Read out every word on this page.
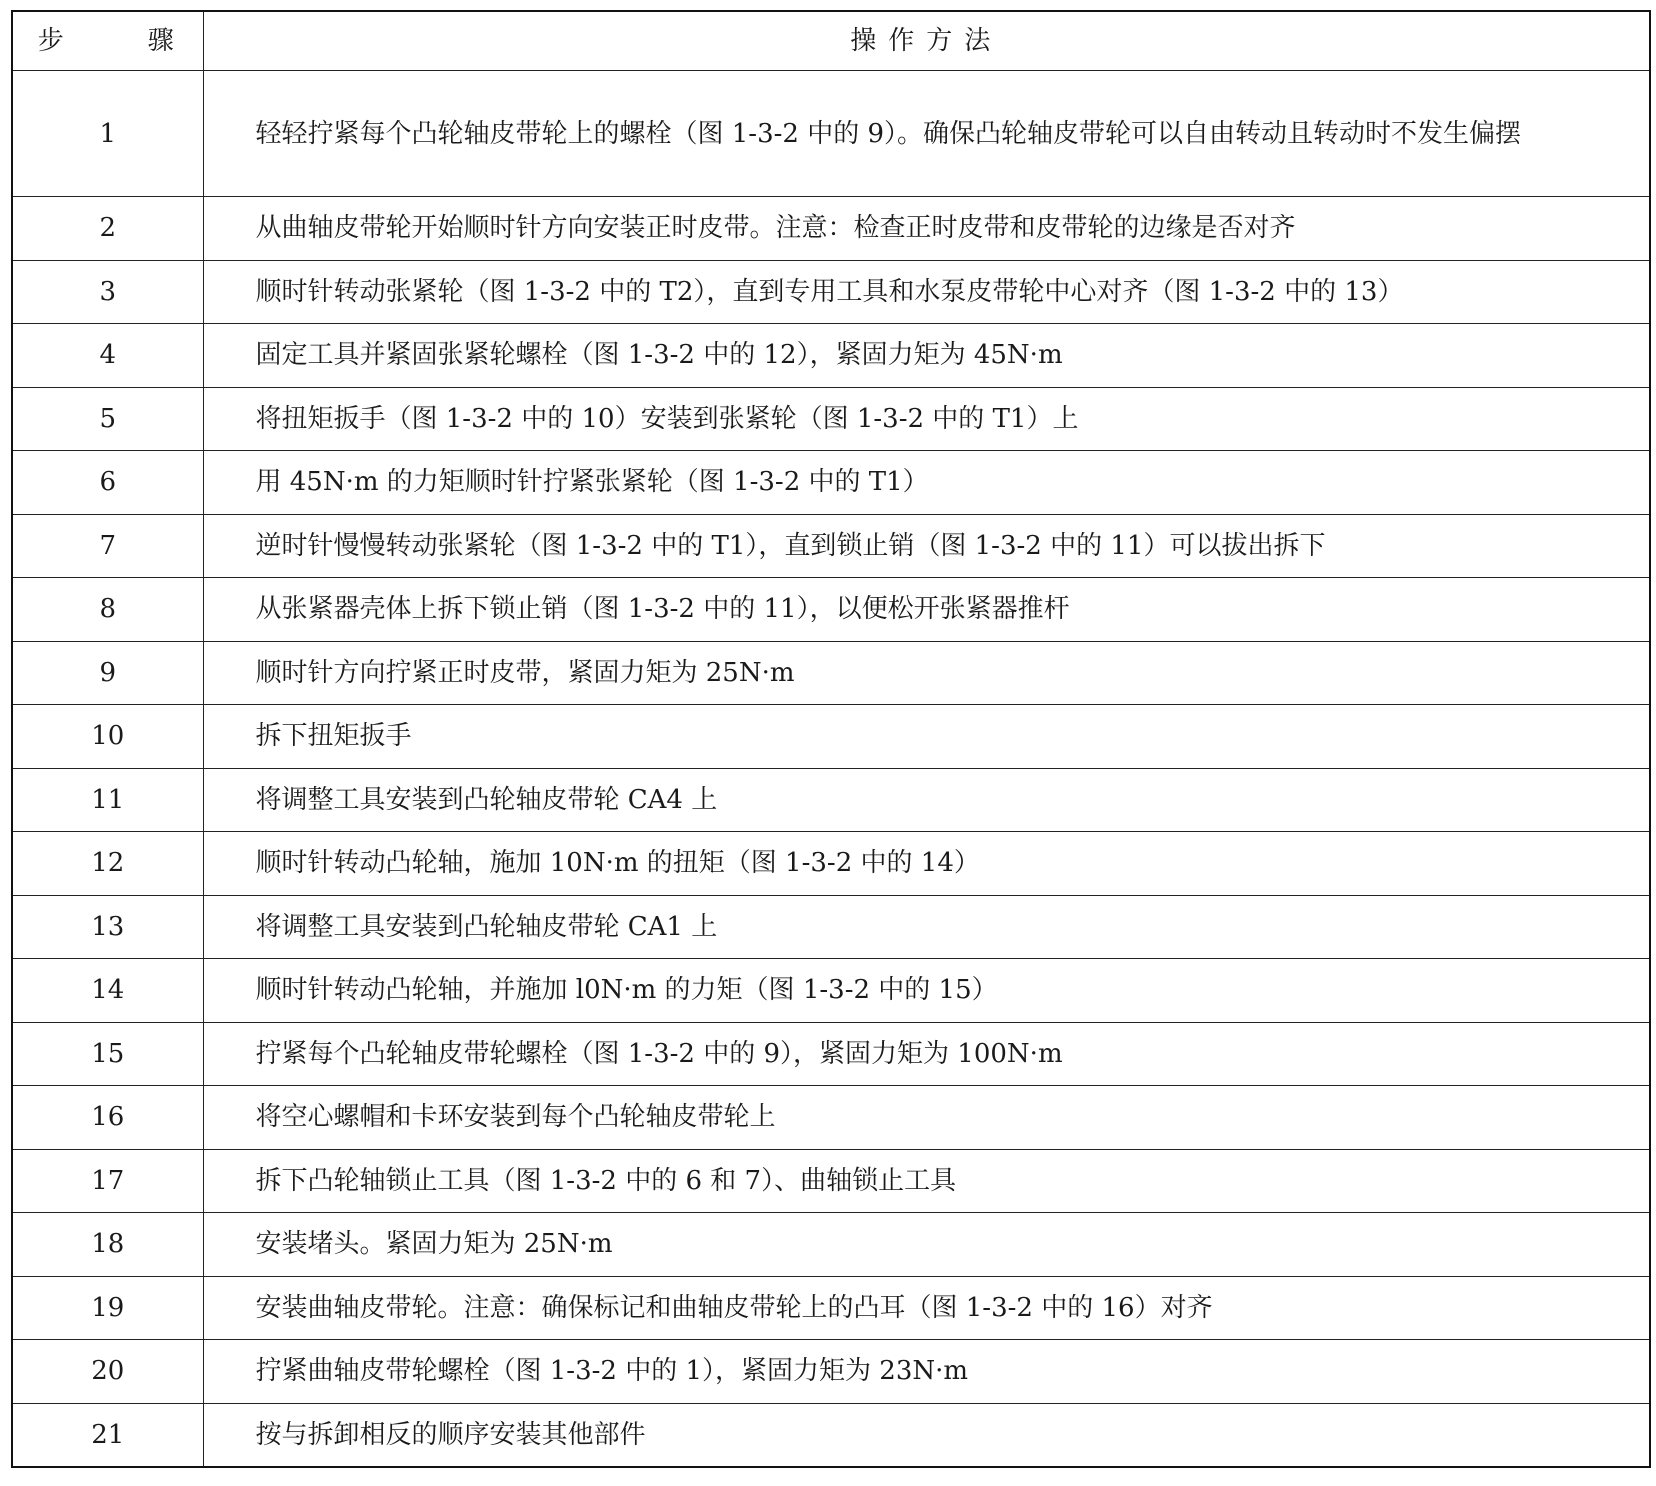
步 骤	操作方法
1	轻轻拧紧每个凸轮轴皮带轮上的螺栓（图 1-3-2 中的 9）。确保凸轮轴皮带轮可以自由转动且转动时不发生偏摆
2	从曲轴皮带轮开始顺时针方向安装正时皮带。注意：检查正时皮带和皮带轮的边缘是否对齐
3	顺时针转动张紧轮（图 1-3-2 中的 T2），直到专用工具和水泵皮带轮中心对齐（图 1-3-2 中的 13）
4	固定工具并紧固张紧轮螺栓（图 1-3-2 中的 12），紧固力矩为 45N·m
5	将扭矩扳手（图 1-3-2 中的 10）安装到张紧轮（图 1-3-2 中的 T1）上
6	用 45N·m 的力矩顺时针拧紧张紧轮（图 1-3-2 中的 T1）
7	逆时针慢慢转动张紧轮（图 1-3-2 中的 T1），直到锁止销（图 1-3-2 中的 11）可以拔出拆下
8	从张紧器壳体上拆下锁止销（图 1-3-2 中的 11），以便松开张紧器推杆
9	顺时针方向拧紧正时皮带，紧固力矩为 25N·m
10	拆下扭矩扳手
11	将调整工具安装到凸轮轴皮带轮 CA4 上
12	顺时针转动凸轮轴，施加 10N·m 的扭矩（图 1-3-2 中的 14）
13	将调整工具安装到凸轮轴皮带轮 CA1 上
14	顺时针转动凸轮轴，并施加 l0N·m 的力矩（图 1-3-2 中的 15）
15	拧紧每个凸轮轴皮带轮螺栓（图 1-3-2 中的 9），紧固力矩为 100N·m
16	将空心螺帽和卡环安装到每个凸轮轴皮带轮上
17	拆下凸轮轴锁止工具（图 1-3-2 中的 6 和 7）、曲轴锁止工具
18	安装堵头。紧固力矩为 25N·m
19	安装曲轴皮带轮。注意：确保标记和曲轴皮带轮上的凸耳（图 1-3-2 中的 16）对齐
20	拧紧曲轴皮带轮螺栓（图 1-3-2 中的 1），紧固力矩为 23N·m
21	按与拆卸相反的顺序安装其他部件
